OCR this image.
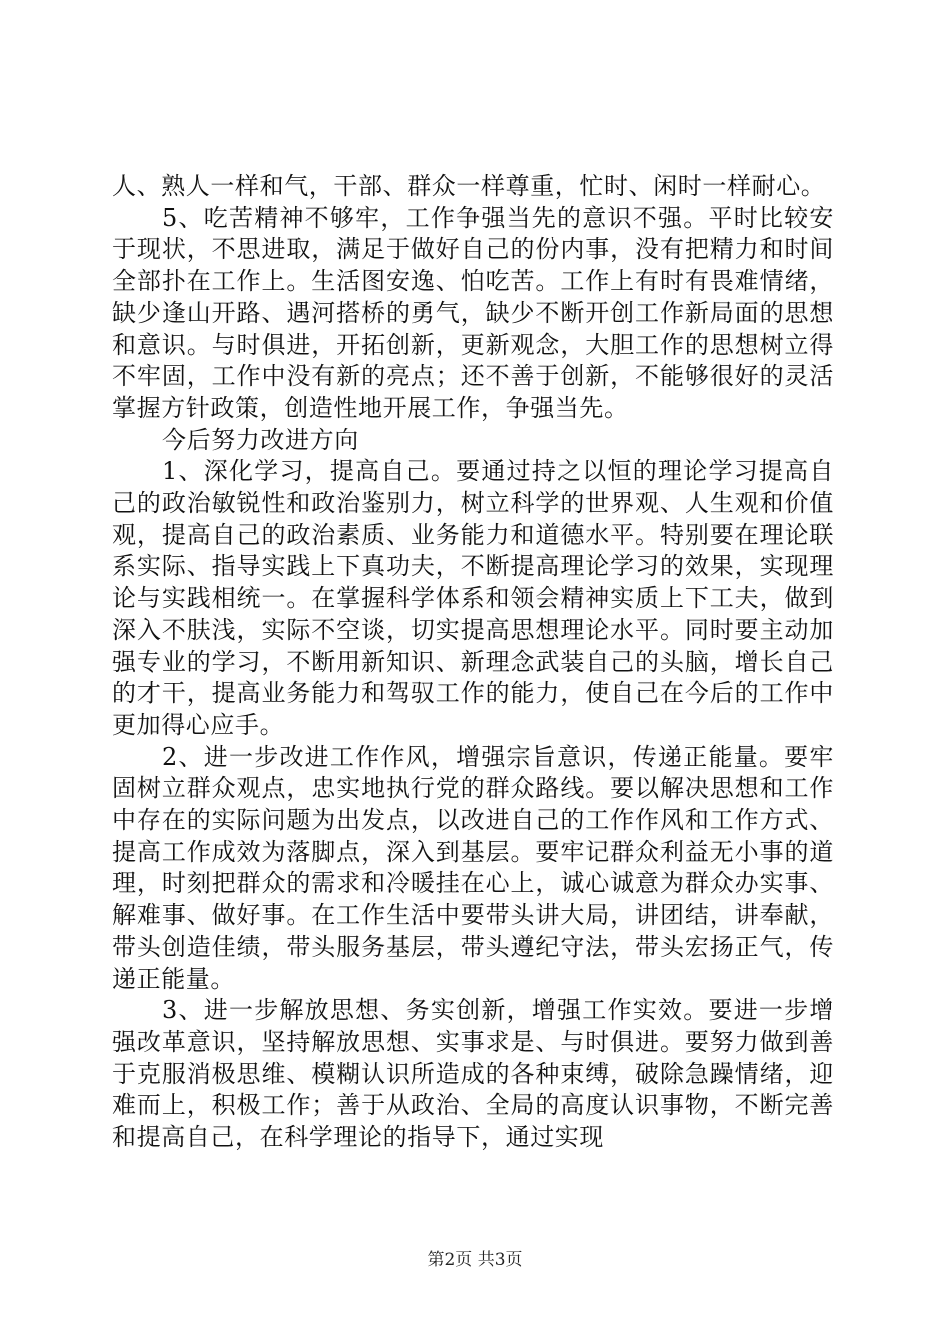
人、熟人一样和气，干部、群众一样尊重，忙时、闲时一样耐心。

5、吃苦精神不够牢，工作争强当先的意识不强。平时比较安于现状，不思进取，满足于做好自己的份内事，没有把精力和时间全部扑在工作上。生活图安逸、怕吃苦。工作上有时有畏难情绪，缺少逢山开路、遇河搭桥的勇气，缺少不断开创工作新局面的思想和意识。与时俱进，开拓创新，更新观念，大胆工作的思想树立得不牢固，工作中没有新的亮点；还不善于创新，不能够很好的灵活掌握方针政策，创造性地开展工作，争强当先。

今后努力改进方向

1、深化学习，提高自己。要通过持之以恒的理论学习提高自己的政治敏锐性和政治鉴别力，树立科学的世界观、人生观和价值观，提高自己的政治素质、业务能力和道德水平。特别要在理论联系实际、指导实践上下真功夫，不断提高理论学习的效果，实现理论与实践相统一。在掌握科学体系和领会精神实质上下工夫，做到深入不肤浅，实际不空谈，切实提高思想理论水平。同时要主动加强专业的学习，不断用新知识、新理念武装自己的头脑，增长自己的才干，提高业务能力和驾驭工作的能力，使自己在今后的工作中更加得心应手。

2、进一步改进工作作风，增强宗旨意识，传递正能量。要牢固树立群众观点，忠实地执行党的群众路线。要以解决思想和工作中存在的实际问题为出发点，以改进自己的工作作风和工作方式、提高工作成效为落脚点，深入到基层。要牢记群众利益无小事的道理，时刻把群众的需求和冷暖挂在心上，诚心诚意为群众办实事、解难事、做好事。在工作生活中要带头讲大局，讲团结，讲奉献，带头创造佳绩，带头服务基层，带头遵纪守法，带头宏扬正气，传递正能量。

3、进一步解放思想、务实创新，增强工作实效。要进一步增强改革意识，坚持解放思想、实事求是、与时俱进。要努力做到善于克服消极思维、模糊认识所造成的各种束缚，破除急躁情绪，迎难而上，积极工作；善于从政治、全局的高度认识事物，不断完善和提高自己，在科学理论的指导下，通过实现

第2页 共3页
